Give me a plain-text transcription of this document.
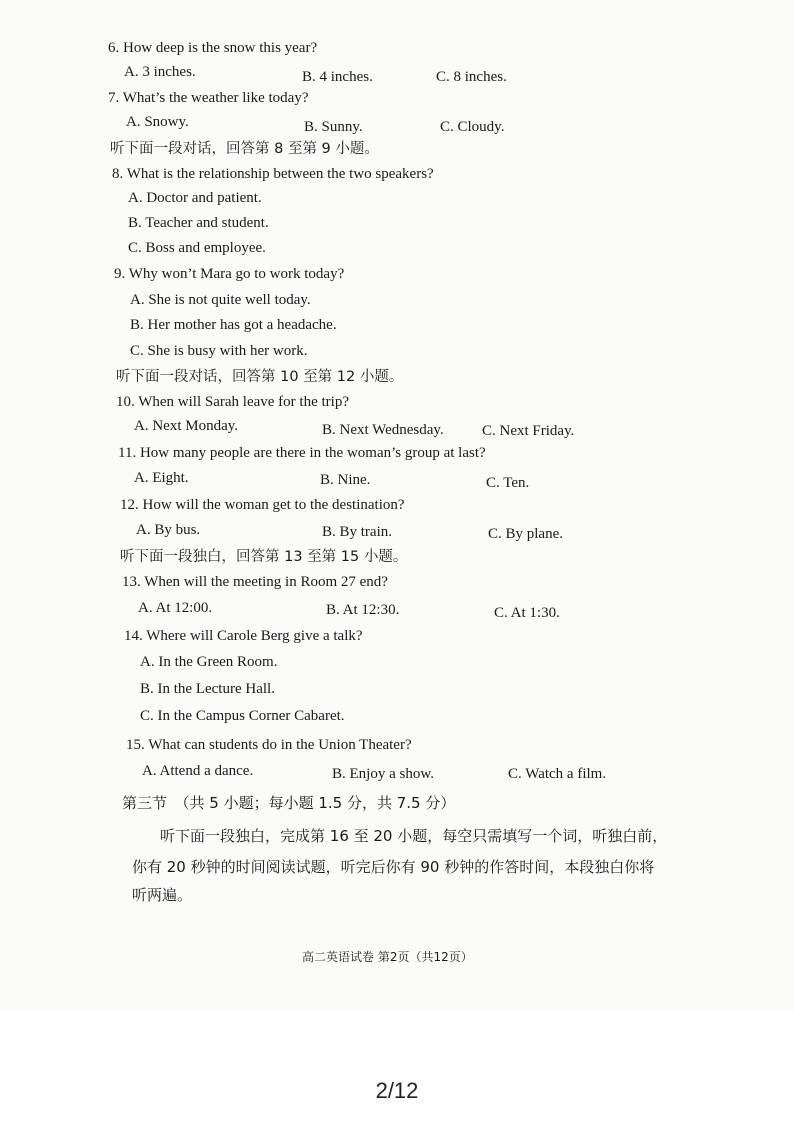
6. How deep is the snow this year?
A. 3 inches.	B. 4 inches.	C. 8 inches.
7. What’s the weather like today?
A. Snowy.	B. Sunny.	C. Cloudy.
听下面一段对话，回答第 8 至第 9 小题。
8. What is the relationship between the two speakers?
A. Doctor and patient.
B. Teacher and student.
C. Boss and employee.
9. Why won’t Mara go to work today?
A. She is not quite well today.
B. Her mother has got a headache.
C. She is busy with her work.
听下面一段对话，回答第 10 至第 12 小题。
10. When will Sarah leave for the trip?
A. Next Monday.	B. Next Wednesday.	C. Next Friday.
11. How many people are there in the woman’s group at last?
A. Eight.	B. Nine.	C. Ten.
12. How will the woman get to the destination?
A. By bus.	B. By train.	C. By plane.
听下面一段独白，回答第 13 至第 15 小题。
13. When will the meeting in Room 27 end?
A. At 12:00.	B. At 12:30.	C. At 1:30.
14. Where will Carole Berg give a talk?
A. In the Green Room.
B. In the Lecture Hall.
C. In the Campus Corner Cabaret.
15. What can students do in the Union Theater?
A. Attend a dance.	B. Enjoy a show.	C. Watch a film.
第三节　（共 5 小题；每小题 1.5 分，共 7.5 分）
听下面一段独白，完成第 16 至 20 小题，每空只需填写一个词，听独白前，
你有 20 秒钟的时间阅读试题，听完后你有 90 秒钟的作答时间，本段独白你将
听两遍。
高二英语试卷 第2页（共12页）
2/12
